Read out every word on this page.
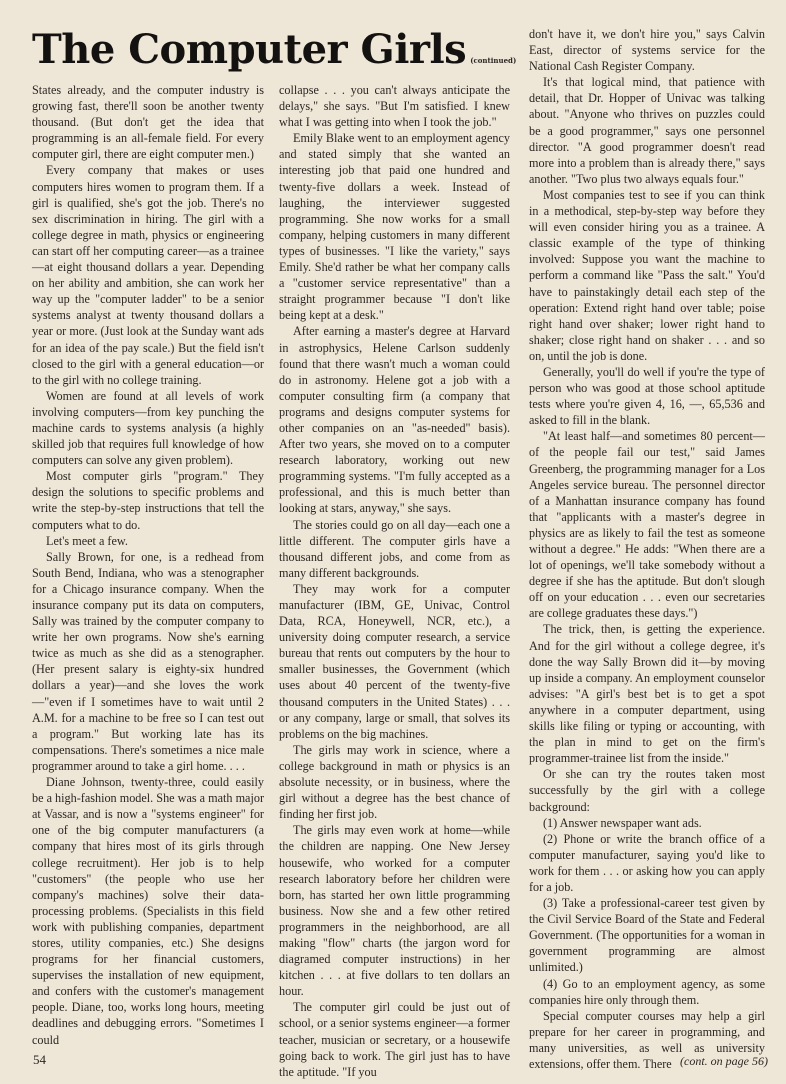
The Computer Girls (continued)

States already, and the computer industry is growing fast, there'll soon be another twenty thousand. (But don't get the idea that programming is an all-female field. For every computer girl, there are eight computer men.)

Every company that makes or uses computers hires women to program them. If a girl is qualified, she's got the job. There's no sex discrimination in hiring. The girl with a college degree in math, physics or engineering can start off her computing career—as a trainee—at eight thousand dollars a year. Depending on her ability and ambition, she can work her way up the "computer ladder" to be a senior systems analyst at twenty thousand dollars a year or more. (Just look at the Sunday want ads for an idea of the pay scale.) But the field isn't closed to the girl with a general education—or to the girl with no college training.

Women are found at all levels of work involving computers—from key punching the machine cards to systems analysis (a highly skilled job that requires full knowledge of how computers can solve any given problem).

Most computer girls "program." They design the solutions to specific problems and write the step-by-step instructions that tell the computers what to do.

Let's meet a few.

Sally Brown, for one, is a redhead from South Bend, Indiana, who was a stenographer for a Chicago insurance company. When the insurance company put its data on computers, Sally was trained by the computer company to write her own programs. Now she's earning twice as much as she did as a stenographer. (Her present salary is eighty-six hundred dollars a year)—and she loves the work —"even if I sometimes have to wait until 2 A.M. for a machine to be free so I can test out a program." But working late has its compensations. There's sometimes a nice male programmer around to take a girl home. . . .

Diane Johnson, twenty-three, could easily be a high-fashion model. She was a math major at Vassar, and is now a "systems engineer" for one of the big computer manufacturers (a company that hires most of its girls through college recruitment). Her job is to help "customers" (the people who use her company's machines) solve their data-processing problems. (Specialists in this field work with publishing companies, department stores, utility companies, etc.) She designs programs for her financial customers, supervises the installation of new equipment, and confers with the customer's management people. Diane, too, works long hours, meeting deadlines and debugging errors. "Sometimes I could

collapse . . . you can't always anticipate the delays," she says. "But I'm satisfied. I knew what I was getting into when I took the job."

Emily Blake went to an employment agency and stated simply that she wanted an interesting job that paid one hundred and twenty-five dollars a week. Instead of laughing, the interviewer suggested programming. She now works for a small company, helping customers in many different types of businesses. "I like the variety," says Emily. She'd rather be what her company calls a "customer service representative" than a straight programmer because "I don't like being kept at a desk."

After earning a master's degree at Harvard in astrophysics, Helene Carlson suddenly found that there wasn't much a woman could do in astronomy. Helene got a job with a computer consulting firm (a company that programs and designs computer systems for other companies on an "as-needed" basis). After two years, she moved on to a computer research laboratory, working out new programming systems. "I'm fully accepted as a professional, and this is much better than looking at stars, anyway," she says.

The stories could go on all day—each one a little different. The computer girls have a thousand different jobs, and come from as many different backgrounds.

They may work for a computer manufacturer (IBM, GE, Univac, Control Data, RCA, Honeywell, NCR, etc.), a university doing computer research, a service bureau that rents out computers by the hour to smaller businesses, the Government (which uses about 40 percent of the twenty-five thousand computers in the United States) . . . or any company, large or small, that solves its problems on the big machines.

The girls may work in science, where a college background in math or physics is an absolute necessity, or in business, where the girl without a degree has the best chance of finding her first job.

The girls may even work at home—while the children are napping. One New Jersey housewife, who worked for a computer research laboratory before her children were born, has started her own little programming business. Now she and a few other retired programmers in the neighborhood, are all making "flow" charts (the jargon word for diagramed computer instructions) in her kitchen . . . at five dollars to ten dollars an hour.

The computer girl could be just out of school, or a senior systems engineer—a former teacher, musician or secretary, or a housewife going back to work. The girl just has to have the aptitude. "If you

don't have it, we don't hire you," says Calvin East, director of systems service for the National Cash Register Company.

It's that logical mind, that patience with detail, that Dr. Hopper of Univac was talking about. "Anyone who thrives on puzzles could be a good programmer," says one personnel director. "A good programmer doesn't read more into a problem than is already there," says another. "Two plus two always equals four."

Most companies test to see if you can think in a methodical, step-by-step way before they will even consider hiring you as a trainee. A classic example of the type of thinking involved: Suppose you want the machine to perform a command like "Pass the salt." You'd have to painstakingly detail each step of the operation: Extend right hand over table; poise right hand over shaker; lower right hand to shaker; close right hand on shaker . . . and so on, until the job is done.

Generally, you'll do well if you're the type of person who was good at those school aptitude tests where you're given 4, 16, —, 65,536 and asked to fill in the blank.

"At least half—and sometimes 80 percent—of the people fail our test," said James Greenberg, the programming manager for a Los Angeles service bureau. The personnel director of a Manhattan insurance company has found that "applicants with a master's degree in physics are as likely to fail the test as someone without a degree." He adds: "When there are a lot of openings, we'll take somebody without a degree if she has the aptitude. But don't slough off on your education . . . even our secretaries are college graduates these days.")

The trick, then, is getting the experience. And for the girl without a college degree, it's done the way Sally Brown did it—by moving up inside a company. An employment counselor advises: "A girl's best bet is to get a spot anywhere in a computer department, using skills like filing or typing or accounting, with the plan in mind to get on the firm's programmer-trainee list from the inside."

Or she can try the routes taken most successfully by the girl with a college background:

(1) Answer newspaper want ads.

(2) Phone or write the branch office of a computer manufacturer, saying you'd like to work for them . . . or asking how you can apply for a job.

(3) Take a professional-career test given by the Civil Service Board of the State and Federal Government. (The opportunities for a woman in government programming are almost unlimited.)

(4) Go to an employment agency, as some companies hire only through them.

Special computer courses may help a girl prepare for her career in programming, and many universities, as well as university extensions, offer them. There

54	(cont. on page 56)
